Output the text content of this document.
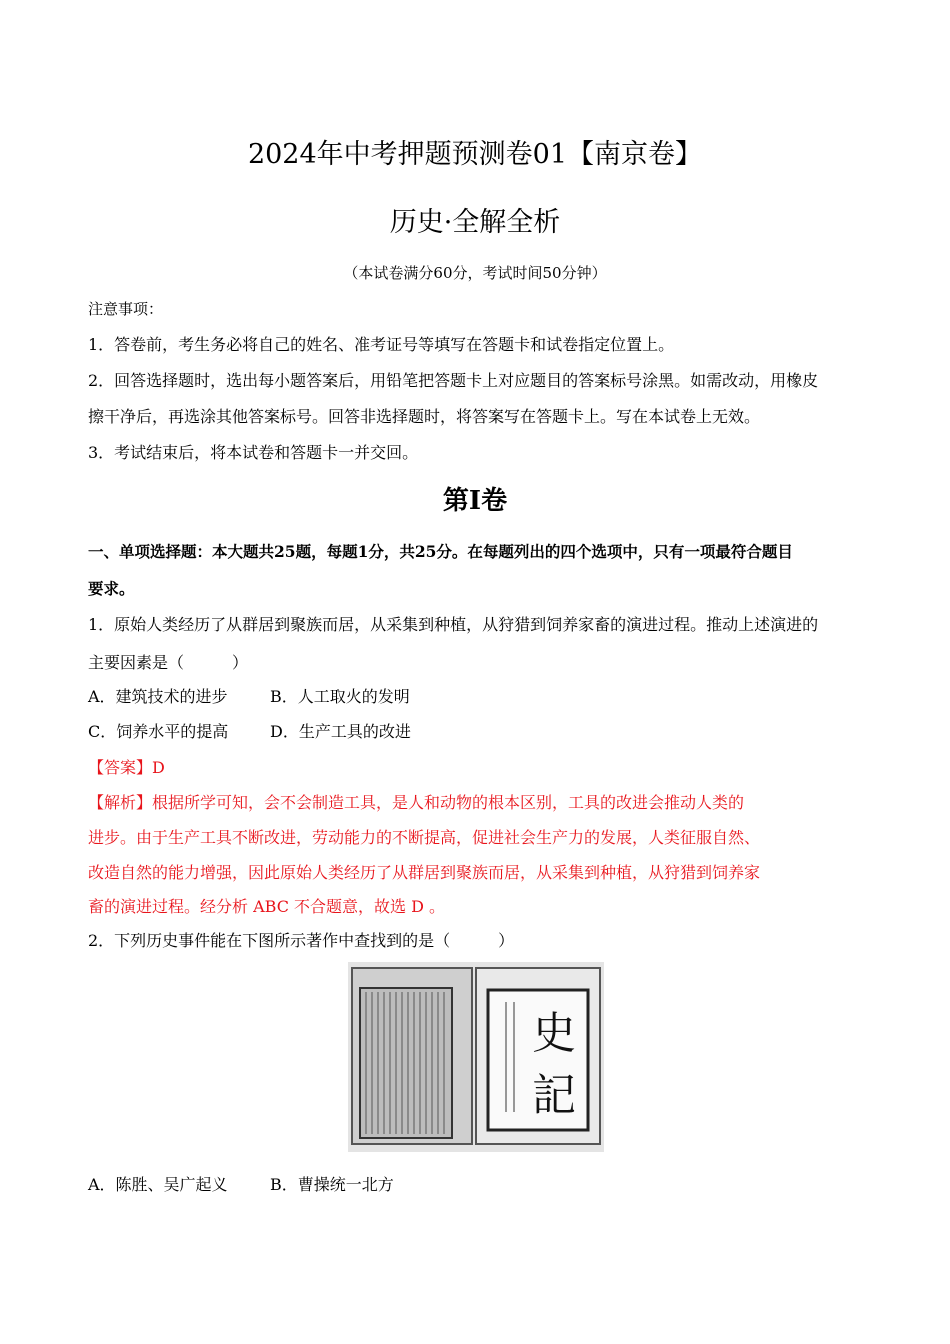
2024年中考押题预测卷01【南京卷】
历史·全解全析
（本试卷满分60分，考试时间50分钟）
注意事项：
1．答卷前，考生务必将自己的姓名、准考证号等填写在答题卡和试卷指定位置上。
2．回答选择题时，选出每小题答案后，用铅笔把答题卡上对应题目的答案标号涂黑。如需改动，用橡皮
擦干净后，再选涂其他答案标号。回答非选择题时，将答案写在答题卡上。写在本试卷上无效。
3．考试结束后，将本试卷和答题卡一并交回。
第Ⅰ卷
一、单项选择题：本大题共25题，每题1分，共25分。在每题列出的四个选项中，只有一项最符合题目
要求。
1．原始人类经历了从群居到聚族而居，从采集到种植，从狩猎到饲养家畜的演进过程。推动上述演进的
主要因素是（　　　）
A．建筑技术的进步	B．人工取火的发明
C．饲养水平的提高	D．生产工具的改进
【答案】D
【解析】根据所学可知，会不会制造工具，是人和动物的根本区别，工具的改进会推动人类的
进步。由于生产工具不断改进，劳动能力的不断提高，促进社会生产力的发展，人类征服自然、
改造自然的能力增强，因此原始人类经历了从群居到聚族而居，从采集到种植，从狩猎到饲养家
畜的演进过程。经分析 ABC 不合题意，故选 D 。
2．下列历史事件能在下图所示著作中查找到的是（　　　）
史
記
A．陈胜、吴广起义	B．曹操统一北方
